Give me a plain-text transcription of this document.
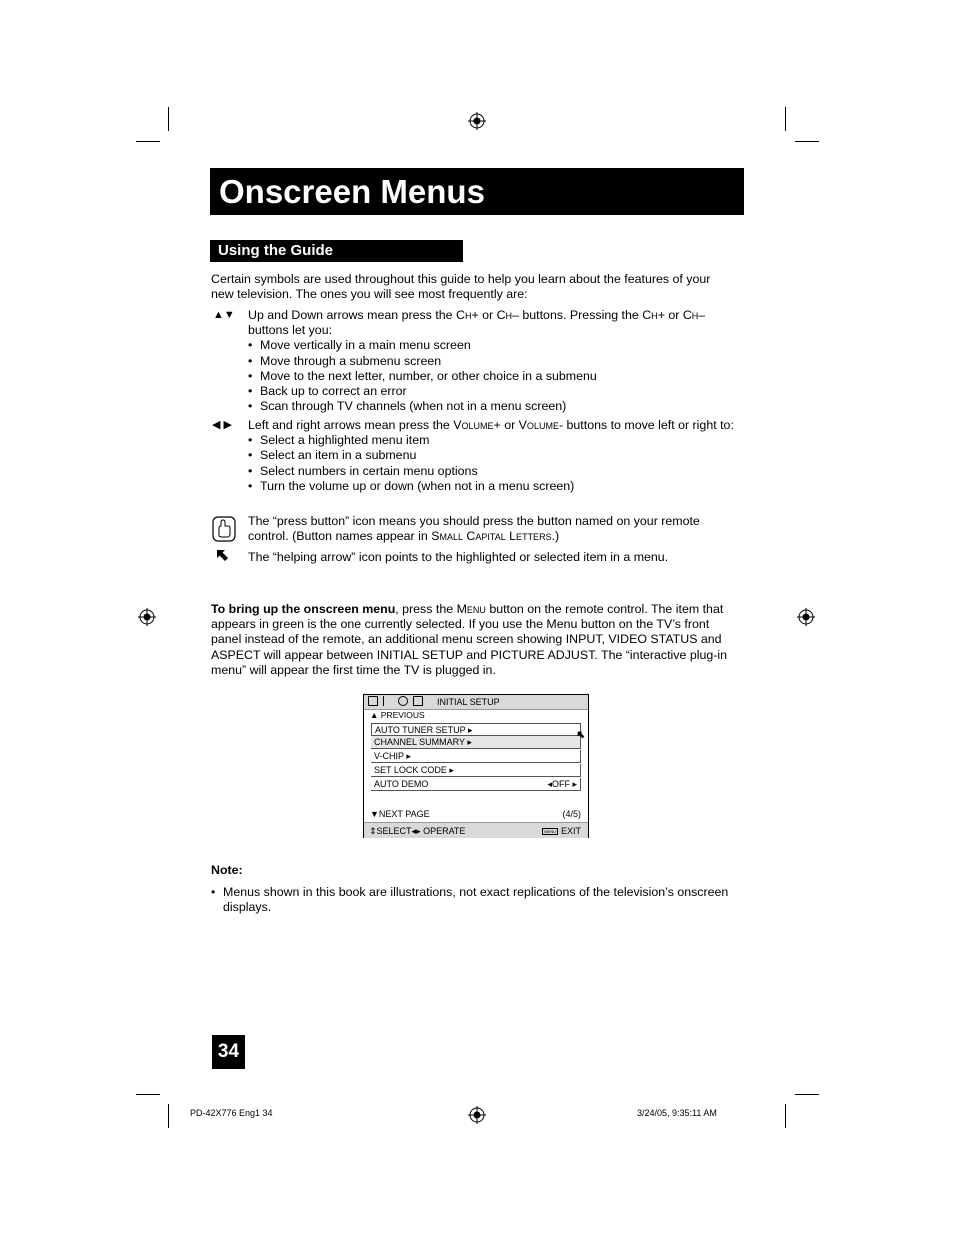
Onscreen Menus
Using the Guide
Certain symbols are used throughout this guide to help you learn about the features of your new television. The ones you will see most frequently are:
▲▼ Up and Down arrows mean press the Ch+ or Ch– buttons. Pressing the Ch+ or Ch– buttons let you:
• Move vertically in a main menu screen
• Move through a submenu screen
• Move to the next letter, number, or other choice in a submenu
• Back up to correct an error
• Scan through TV channels (when not in a menu screen)
◀ ▶ Left and right arrows mean press the Volume+ or Volume- buttons to move left or right to:
• Select a highlighted menu item
• Select an item in a submenu
• Select numbers in certain menu options
• Turn the volume up or down (when not in a menu screen)
The “press button” icon means you should press the button named on your remote control. (Button names appear in Small Capital Letters.)
The “helping arrow” icon points to the highlighted or selected item in a menu.
To bring up the onscreen menu, press the Menu button on the remote control. The item that appears in green is the one currently selected. If you use the Menu button on the TV’s front panel instead of the remote, an additional menu screen showing INPUT, VIDEO STATUS and ASPECT will appear between INITIAL SETUP and PICTURE ADJUST. The “interactive plug-in menu” will appear the first time the TV is plugged in.
INITIAL SETUP
▲ PREVIOUS
AUTO TUNER SETUP ▸
CHANNEL SUMMARY ▸
V-CHIP ▸
SET LOCK CODE ▸
AUTO DEMO	◂OFF ▸
▼NEXT PAGE	(4/5)
⇕SELECT◂▸ OPERATE	MENU EXIT
Note:
• Menus shown in this book are illustrations, not exact replications of the television’s onscreen displays.
34
PD-42X776 Eng1 34	3/24/05, 9:35:11 AM
